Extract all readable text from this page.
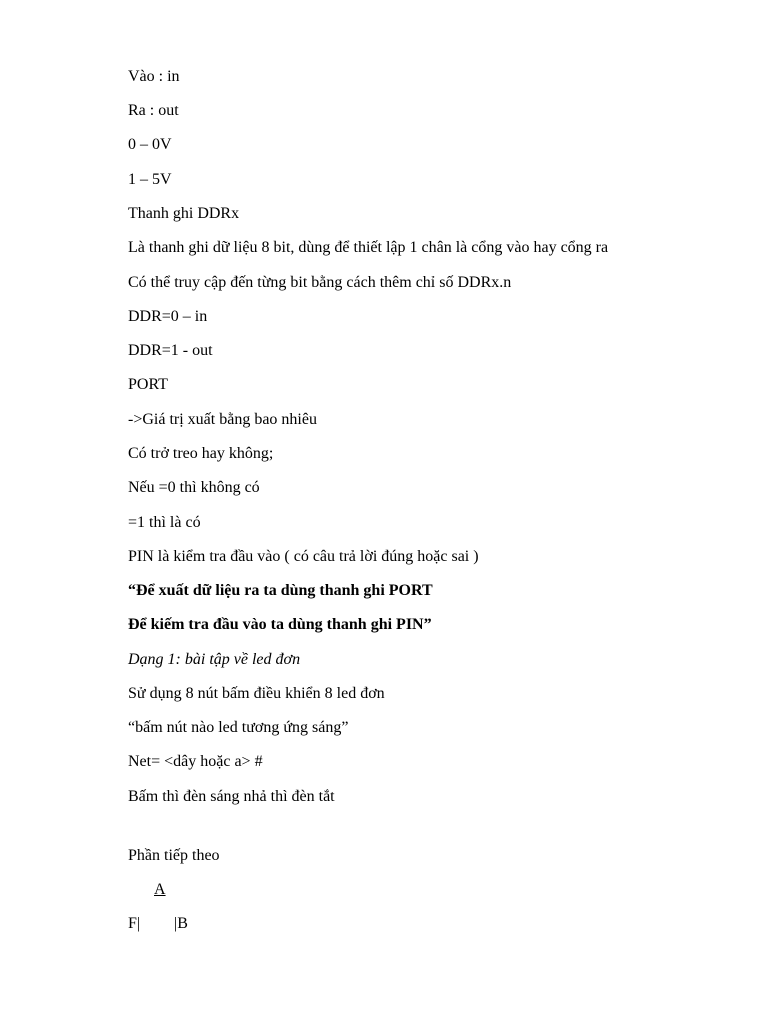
Vào : in
Ra : out
0 – 0V
1 – 5V
Thanh ghi DDRx
Là thanh ghi dữ liệu 8 bit, dùng để thiết lập 1 chân là cổng vào hay cổng ra
Có thể truy cập đến từng bit bằng cách thêm chỉ số DDRx.n
DDR=0 – in
DDR=1 - out
PORT
->Giá trị xuất bằng bao nhiêu
Có trở treo hay không;
Nếu =0 thì không có
=1 thì là có
PIN là kiểm tra đầu vào ( có câu trả lời đúng hoặc sai )
“Để xuất dữ liệu ra ta dùng thanh ghi PORT
Để kiếm tra đầu vào ta dùng thanh ghi PIN”
Dạng 1: bài tập về led đơn
Sử dụng 8 nút bấm điều khiển 8 led đơn
“bấm nút nào led tương ứng sáng”
Net= <dây hoặc a> #
Bấm thì đèn sáng nhả thì đèn tắt
Phần tiếp theo
A
F| |B
